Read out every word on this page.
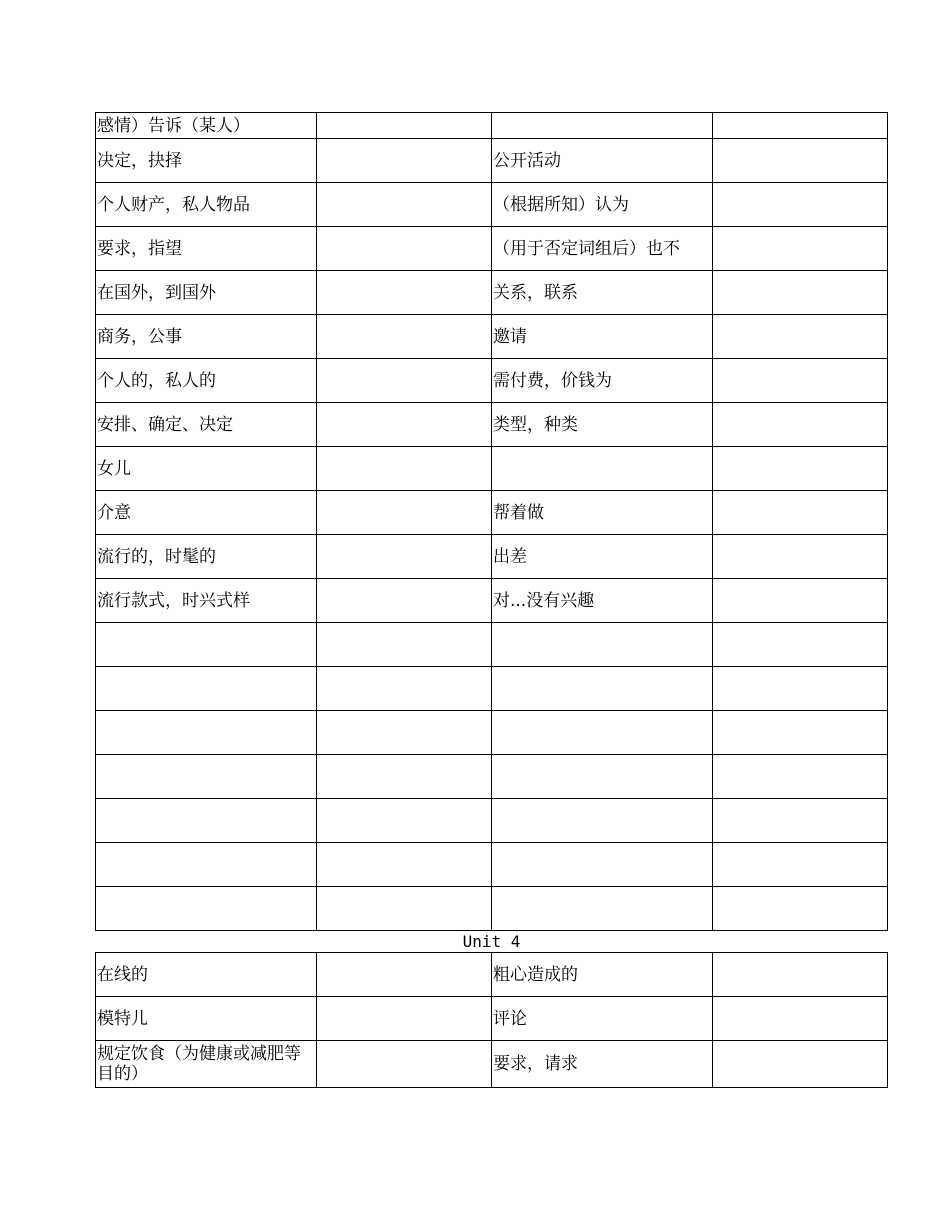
感情）告诉（某人）			
决定，抉择		公开活动	
个人财产，私人物品		（根据所知）认为	
要求，指望		（用于否定词组后）也不	
在国外，到国外		关系，联系	
商务，公事		邀请	
个人的，私人的		需付费，价钱为	
安排、确定、决定		类型，种类	
女儿			
介意		帮着做	
流行的，时髦的		出差	
流行款式，时兴式样		对...没有兴趣	

Unit 4
在线的		粗心造成的	
模特儿		评论	
规定饮食（为健康或减肥等目的）		要求，请求	
